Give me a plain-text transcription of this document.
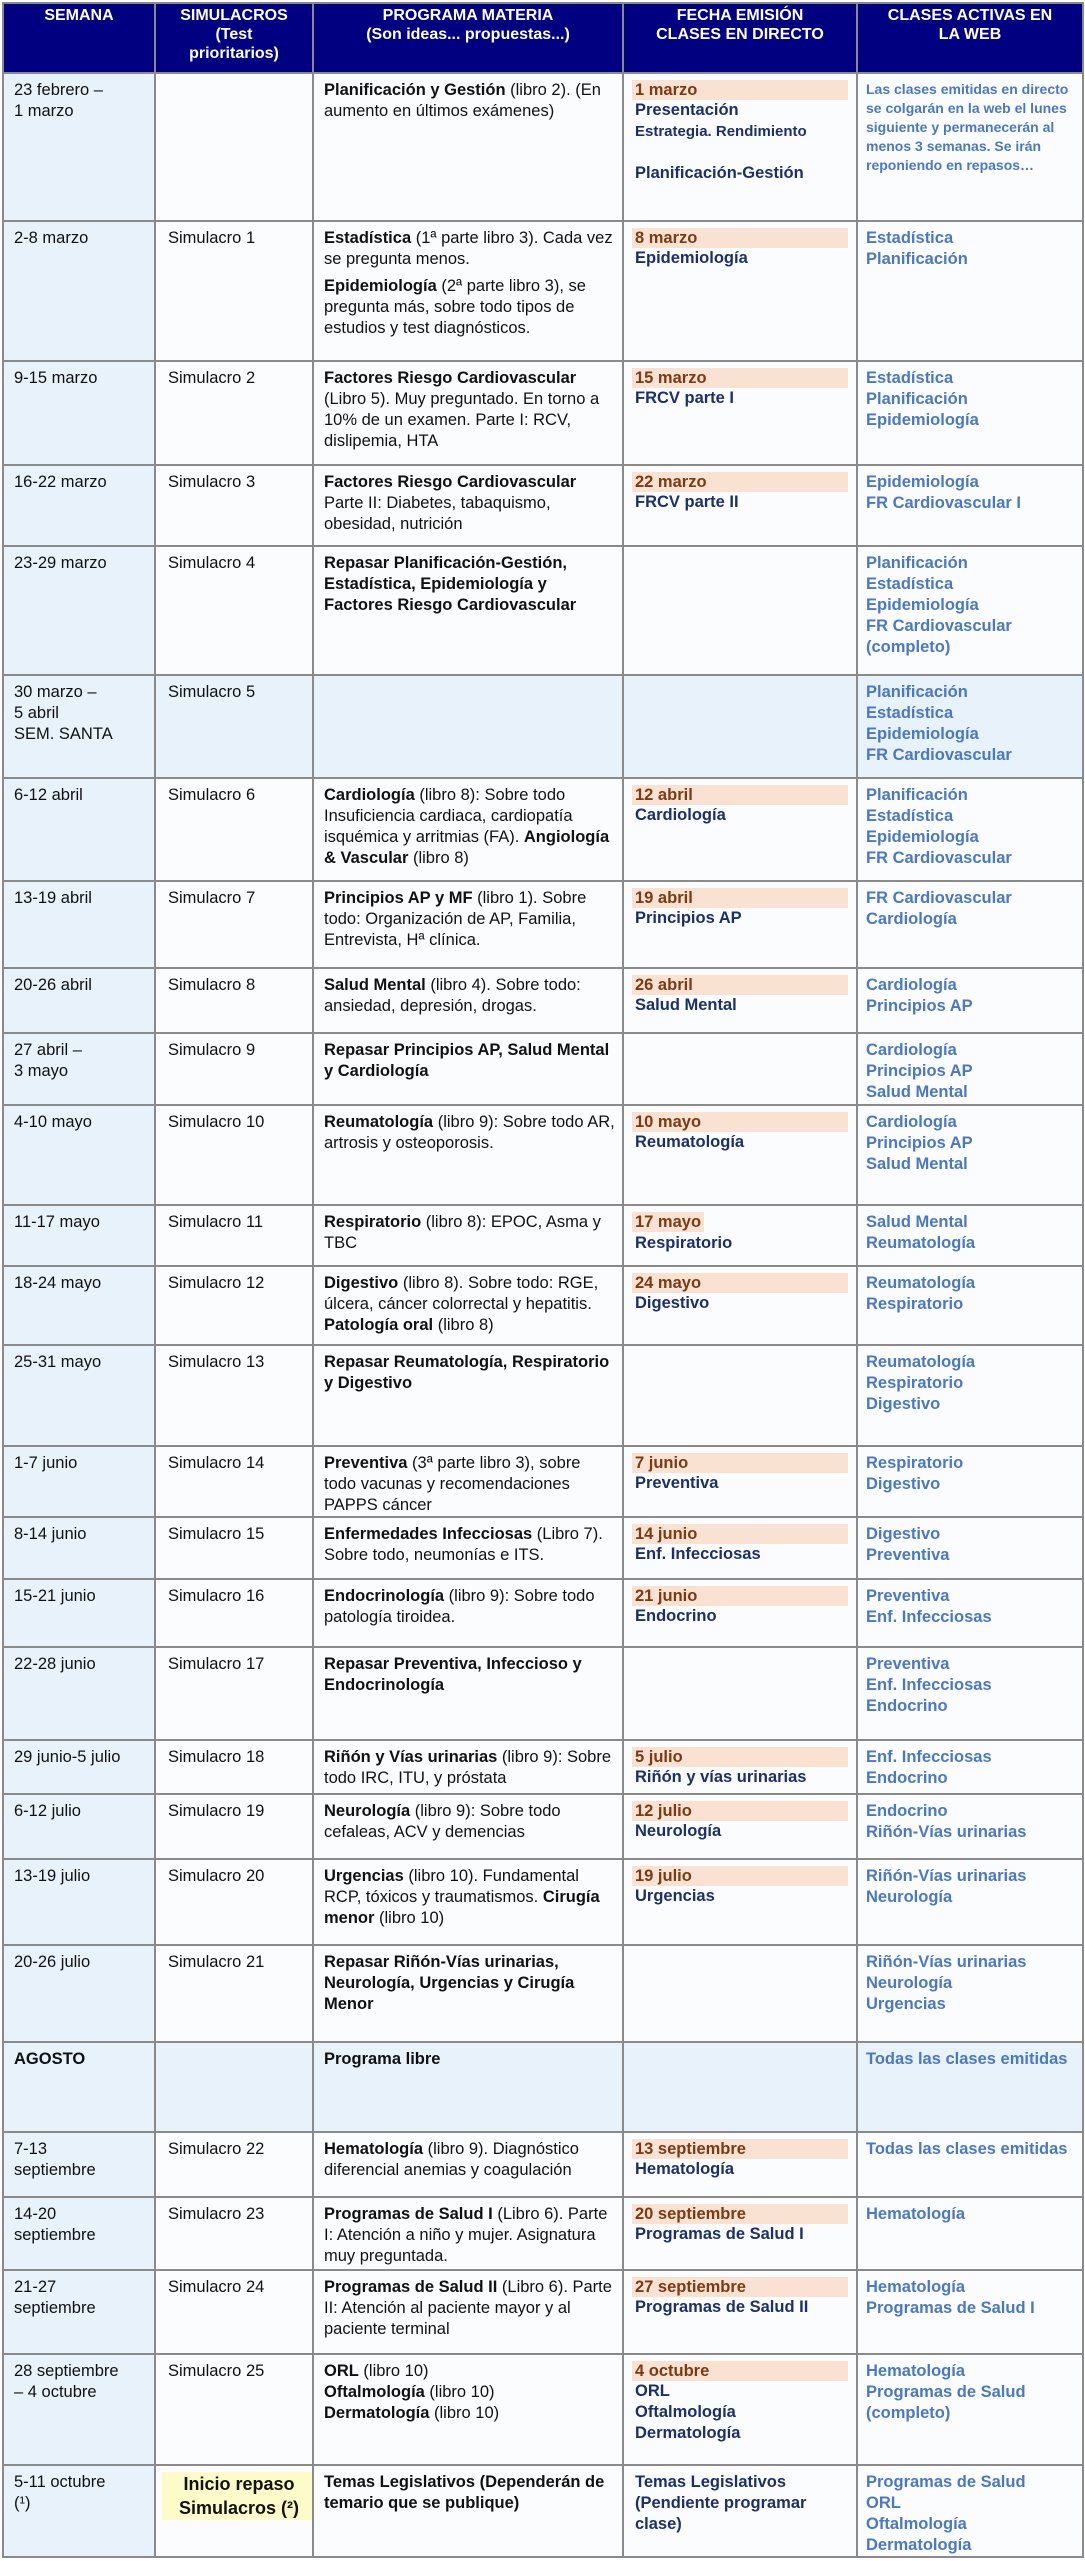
SEMANA	SIMULACROS
(Test
prioritarios)	PROGRAMA MATERIA
(Son ideas... propuestas...)	FECHA EMISIÓN
CLASES EN DIRECTO	CLASES ACTIVAS EN
LA WEB
23 febrero –
1 marzo		Planificación y Gestión (libro 2). (En aumento en últimos exámenes)	1 marzo
Presentación
Estrategia. Rendimiento

Planificación-Gestión	Las clases emitidas en directo se colgarán en la web el lunes siguiente y permanecerán al menos 3 semanas. Se irán reponiendo en repasos…

2-8 marzo	Simulacro 1	Estadística (1ª parte libro 3). Cada vez se pregunta menos.
Epidemiología (2ª parte libro 3), se pregunta más, sobre todo tipos de estudios y test diagnósticos.	8 marzo
Epidemiología	Estadística
Planificación

9-15 marzo	Simulacro 2	Factores Riesgo Cardiovascular (Libro 5). Muy preguntado. En torno a 10% de un examen. Parte I: RCV, dislipemia, HTA	15 marzo
FRCV parte I	Estadística
Planificación
Epidemiología

16-22 marzo	Simulacro 3	Factores Riesgo Cardiovascular Parte II: Diabetes, tabaquismo, obesidad, nutrición	22 marzo
FRCV parte II	Epidemiología
FR Cardiovascular I

23-29 marzo	Simulacro 4	Repasar Planificación-Gestión, Estadística, Epidemiología y Factores Riesgo Cardiovascular		Planificación
Estadística
Epidemiología
FR Cardiovascular
(completo)

30 marzo –
5 abril
SEM. SANTA	Simulacro 5			Planificación
Estadística
Epidemiología
FR Cardiovascular

6-12 abril	Simulacro 6	Cardiología (libro 8): Sobre todo Insuficiencia cardiaca, cardiopatía isquémica y arritmias (FA). Angiología & Vascular (libro 8)	12 abril
Cardiología	Planificación
Estadística
Epidemiología
FR Cardiovascular

13-19 abril	Simulacro 7	Principios AP y MF (libro 1). Sobre todo: Organización de AP, Familia, Entrevista, Hª clínica.	19 abril
Principios AP	FR Cardiovascular
Cardiología

20-26 abril	Simulacro 8	Salud Mental (libro 4). Sobre todo: ansiedad, depresión, drogas.	26 abril
Salud Mental	Cardiología
Principios AP

27 abril –
3 mayo	Simulacro 9	Repasar Principios AP, Salud Mental y Cardiología		Cardiología
Principios AP
Salud Mental

4-10 mayo	Simulacro 10	Reumatología (libro 9): Sobre todo AR, artrosis y osteoporosis.	10 mayo
Reumatología	Cardiología
Principios AP
Salud Mental

11-17 mayo	Simulacro 11	Respiratorio (libro 8): EPOC, Asma y TBC	17 mayo

Respiratorio	Salud Mental
Reumatología

18-24 mayo	Simulacro 12	Digestivo (libro 8). Sobre todo: RGE, úlcera, cáncer colorrectal y hepatitis. Patología oral (libro 8)	24 mayo
Digestivo	Reumatología
Respiratorio

25-31 mayo	Simulacro 13	Repasar Reumatología, Respiratorio y Digestivo		Reumatología
Respiratorio
Digestivo

1-7 junio	Simulacro 14	Preventiva (3ª parte libro 3), sobre todo vacunas y recomendaciones PAPPS cáncer	7 junio
Preventiva	Respiratorio
Digestivo

8-14 junio	Simulacro 15	Enfermedades Infecciosas (Libro 7). Sobre todo, neumonías e ITS.	14 junio
Enf. Infecciosas	Digestivo
Preventiva

15-21 junio	Simulacro 16	Endocrinología (libro 9): Sobre todo patología tiroidea.	21 junio
Endocrino	Preventiva
Enf. Infecciosas

22-28 junio	Simulacro 17	Repasar Preventiva, Infeccioso y Endocrinología		Preventiva
Enf. Infecciosas
Endocrino

29 junio-5 julio	Simulacro 18	Riñón y Vías urinarias (libro 9): Sobre todo IRC, ITU, y próstata	5 julio
Riñón y vías urinarias	Enf. Infecciosas
Endocrino

6-12 julio	Simulacro 19	Neurología (libro 9): Sobre todo cefaleas, ACV y demencias	12 julio
Neurología	Endocrino
Riñón-Vías urinarias

13-19 julio	Simulacro 20	Urgencias (libro 10). Fundamental RCP, tóxicos y traumatismos. Cirugía menor (libro 10)	19 julio
Urgencias	Riñón-Vías urinarias
Neurología

20-26 julio	Simulacro 21	Repasar Riñón-Vías urinarias, Neurología, Urgencias y Cirugía Menor		Riñón-Vías urinarias
Neurología
Urgencias

AGOSTO		Programa libre		Todas las clases emitidas

7-13
septiembre	Simulacro 22	Hematología (libro 9). Diagnóstico diferencial anemias y coagulación	13 septiembre
Hematología	Todas las clases emitidas

14-20
septiembre	Simulacro 23	Programas de Salud I (Libro 6). Parte I: Atención a niño y mujer. Asignatura muy preguntada.	20 septiembre
Programas de Salud I	Hematología

21-27
septiembre	Simulacro 24	Programas de Salud II (Libro 6). Parte II: Atención al paciente mayor y al paciente terminal	27 septiembre
Programas de Salud II	Hematología
Programas de Salud I

28 septiembre
– 4 octubre	Simulacro 25	ORL (libro 10)
Oftalmología (libro 10)
Dermatología (libro 10)	4 octubre
ORL
Oftalmología
Dermatología	Hematología
Programas de Salud
(completo)

5-11 octubre
(¹)	Inicio repaso
Simulacros (²)	Temas Legislativos (Dependerán de temario que se publique)	Temas Legislativos
(Pendiente programar
clase)	Programas de Salud
ORL
Oftalmología
Dermatología
